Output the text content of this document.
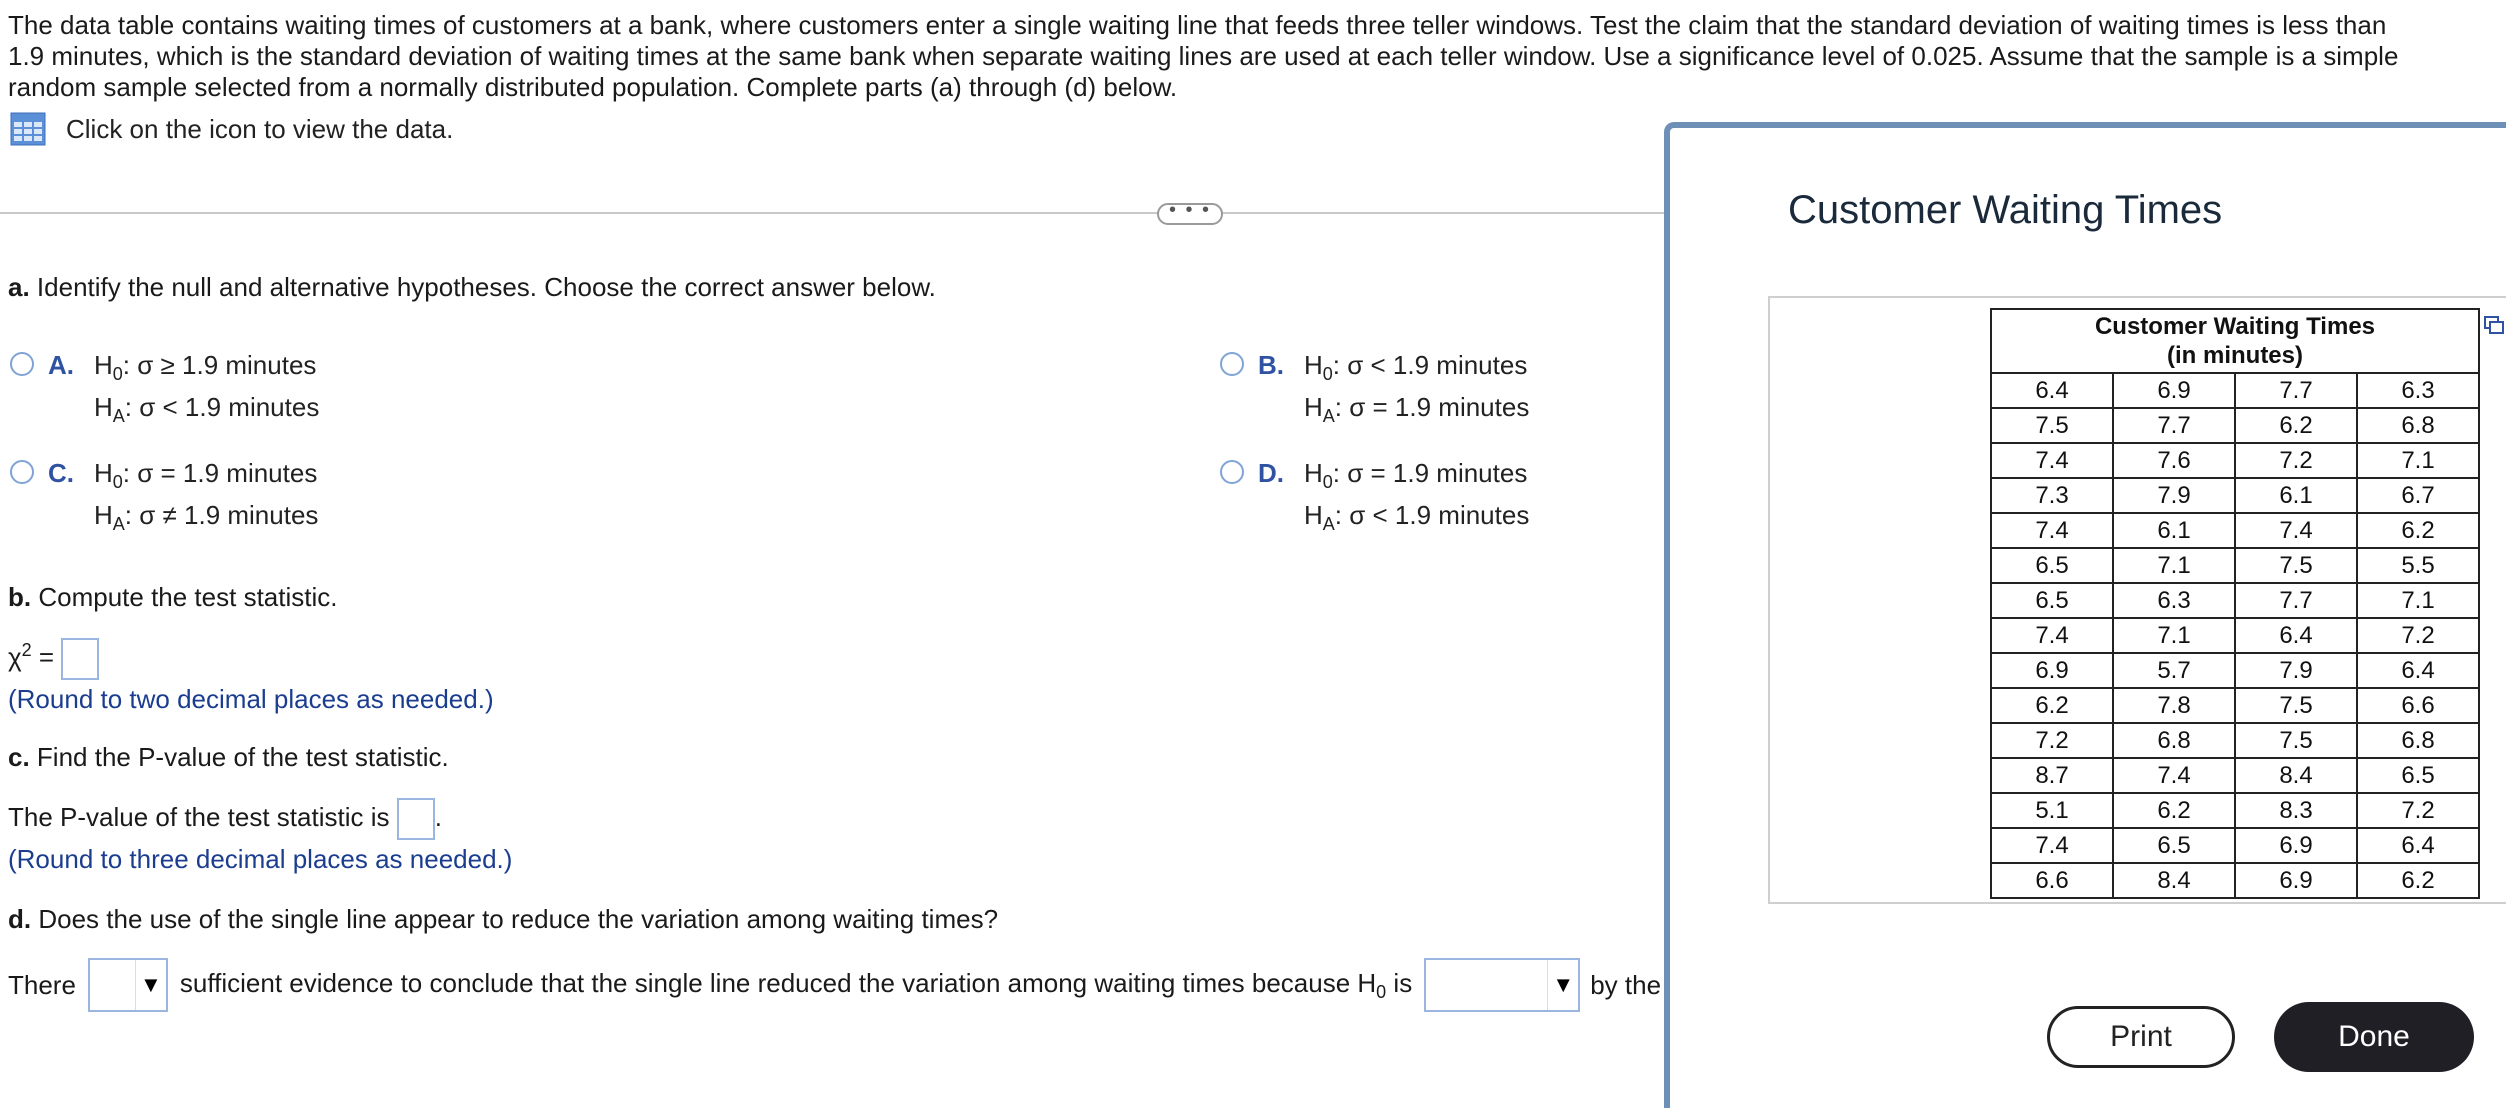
The data table contains waiting times of customers at a bank, where customers enter a single waiting line that feeds three teller windows. Test the claim that the standard deviation of waiting times is less than

1.9 minutes, which is the standard deviation of waiting times at the same bank when separate waiting lines are used at each teller window. Use a significance level of 0.025. Assume that the sample is a simple

random sample selected from a normally distributed population. Complete parts (a) through (d) below.

Click on the icon to view the data.
• • •
a. Identify the null and alternative hypotheses. Choose the correct answer below.
A. $H_0$: σ ≥ 1.9 minutes
$H_A$: σ < 1.9 minutes
B. $H_0$: σ < 1.9 minutes
$H_A$: σ = 1.9 minutes
C. $H_0$: σ = 1.9 minutes
$H_A$: σ ≠ 1.9 minutes
D. $H_0$: σ = 1.9 minutes
$H_A$: σ < 1.9 minutes
b. Compute the test statistic.
$\chi^2$ =
(Round to two decimal places as needed.)
c. Find the P-value of the test statistic.
The P-value of the test statistic is .
(Round to three decimal places as needed.)
d. Does the use of the single line appear to reduce the variation among waiting times?
There	▼ sufficient evidence to conclude that the single line reduced the variation among waiting times because $H_0$ is	▼ by the
Customer Waiting Times
Customer Waiting Times
(in minutes)			

6.4	6.9	7.7	6.3
7.5	7.7	6.2	6.8
7.4	7.6	7.2	7.1
7.3	7.9	6.1	6.7
7.4	6.1	7.4	6.2
6.5	7.1	7.5	5.5
6.5	6.3	7.7	7.1
7.4	7.1	6.4	7.2
6.9	5.7	7.9	6.4
6.2	7.8	7.5	6.6
7.2	6.8	7.5	6.8
8.7	7.4	8.4	6.5
5.1	6.2	8.3	7.2
7.4	6.5	6.9	6.4
6.6	8.4	6.9	6.2
Print	Done
